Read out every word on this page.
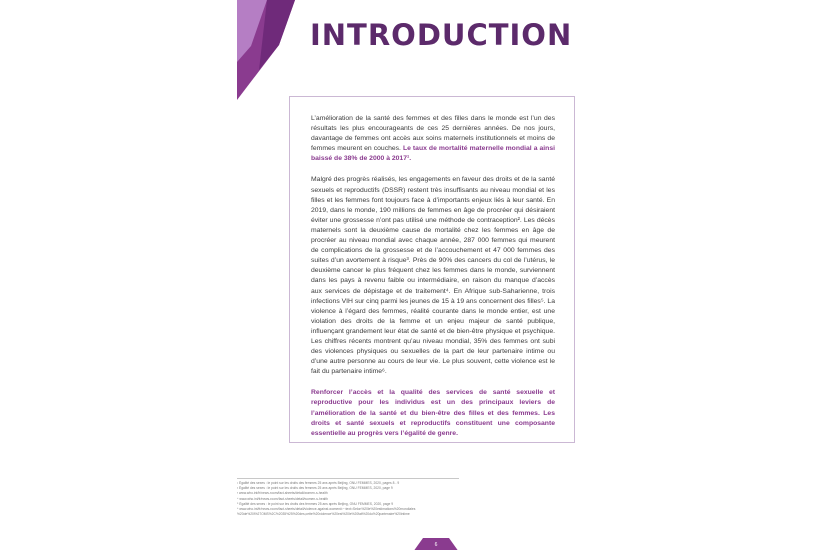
INTRODUCTION

L’amélioration de la santé des femmes et des filles dans le monde est l’un des résultats les plus encourageants de ces 25 dernières années. De nos jours, davantage de femmes ont accès aux soins maternels institutionnels et moins de femmes meurent en couches. Le taux de mortalité maternelle mondial a ainsi baissé de 38% de 2000 à 2017¹.

Malgré des progrès réalisés, les engagements en faveur des droits et de la santé sexuels et reproductifs (DSSR) restent très insuffisants au niveau mondial et les filles et les femmes font toujours face à d’importants enjeux liés à leur santé. En 2019, dans le monde, 190 millions de femmes en âge de procréer qui désiraient éviter une grossesse n’ont pas utilisé une méthode de contraception². Les décès maternels sont la deuxième cause de mortalité chez les femmes en âge de procréer au niveau mondial avec chaque année, 287 000 femmes qui meurent de complications de la grossesse et de l’accouchement et 47 000 femmes des suites d’un avortement à risque³. Près de 90% des cancers du col de l’utérus, le deuxième cancer le plus fréquent chez les femmes dans le monde, surviennent dans les pays à revenu faible ou intermédiaire, en raison du manque d’accès aux services de dépistage et de traitement⁴. En Afrique sub-Saharienne, trois infections VIH sur cinq parmi les jeunes de 15 à 19 ans concernent des filles⁵. La violence à l’égard des femmes, réalité courante dans le monde entier, est une violation des droits de la femme et un enjeu majeur de santé publique, influençant grandement leur état de santé et de bien-être physique et psychique. Les chiffres récents montrent qu’au niveau mondial, 35% des femmes ont subi des violences physiques ou sexuelles de la part de leur partenaire intime ou d’une autre personne au cours de leur vie. Le plus souvent, cette violence est le fait du partenaire intime⁶.

Renforcer l’accès et la qualité des services de santé sexuelle et reproductive pour les individus est un des principaux leviers de l’amélioration de la santé et du bien-être des filles et des femmes. Les droits et santé sexuels et reproductifs constituent une composante essentielle au progrès vers l’égalité de genre.

¹ Égalité des sexes : le point sur les droits des femmes 25 ans après Beijing, ONU FEMMES, 2020, pages 8 - 9
² Égalité des sexes : le point sur les droits des femmes 25 ans après Beijing, ONU FEMMES, 2020, page 9
³ www.who.int/fr/news-room/fact-sheets/detail/women-s-health
⁴ www.who.int/fr/news-room/fact-sheets/detail/women-s-health
⁵ Égalité des sexes : le point sur les droits des femmes 25 ans après Beijing, ONU FEMMES, 2020, page 9
⁶ www.who.int/fr/news-room/fact-sheets/detail/violence-against-women#:~:text=Selon%20le%20estimations%20mondiales
%20de%20l%27OMS%2C%2035%25%20des,cette%20violence%20est%20le%20fait%20du%20partenaire%20intime
6
